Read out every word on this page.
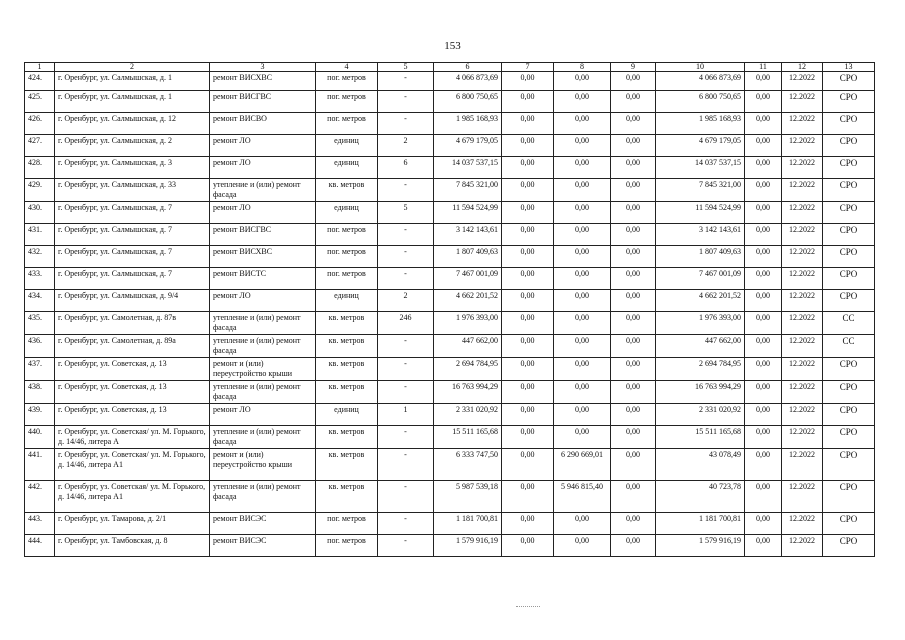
153
1	2	3	4	5	6	7	8	9	10	11	12	13
424.	г. Оренбург, ул. Салмышская, д. 1	ремонт ВИСХВС	пог. метров	-	4 066 873,69	0,00	0,00	0,00	4 066 873,69	0,00	12.2022	СРО
425.	г. Оренбург, ул. Салмышская, д. 1	ремонт ВИСГВС	пог. метров	-	6 800 750,65	0,00	0,00	0,00	6 800 750,65	0,00	12.2022	СРО
426.	г. Оренбург, ул. Салмышская, д. 12	ремонт ВИСВО	пог. метров	-	1 985 168,93	0,00	0,00	0,00	1 985 168,93	0,00	12.2022	СРО
427.	г. Оренбург, ул. Салмышская, д. 2	ремонт ЛО	единиц	2	4 679 179,05	0,00	0,00	0,00	4 679 179,05	0,00	12.2022	СРО
428.	г. Оренбург, ул. Салмышская, д. 3	ремонт ЛО	единиц	6	14 037 537,15	0,00	0,00	0,00	14 037 537,15	0,00	12.2022	СРО
429.	г. Оренбург, ул. Салмышская, д. 33	утепление и (или) ремонт фасада	кв. метров	-	7 845 321,00	0,00	0,00	0,00	7 845 321,00	0,00	12.2022	СРО
430.	г. Оренбург, ул. Салмышская, д. 7	ремонт ЛО	единиц	5	11 594 524,99	0,00	0,00	0,00	11 594 524,99	0,00	12.2022	СРО
431.	г. Оренбург, ул. Салмышская, д. 7	ремонт ВИСГВС	пог. метров	-	3 142 143,61	0,00	0,00	0,00	3 142 143,61	0,00	12.2022	СРО
432.	г. Оренбург, ул. Салмышская, д. 7	ремонт ВИСХВС	пог. метров	-	1 807 409,63	0,00	0,00	0,00	1 807 409,63	0,00	12.2022	СРО
433.	г. Оренбург, ул. Салмышская, д. 7	ремонт ВИСТС	пог. метров	-	7 467 001,09	0,00	0,00	0,00	7 467 001,09	0,00	12.2022	СРО
434.	г. Оренбург, ул. Салмышская, д. 9/4	ремонт ЛО	единиц	2	4 662 201,52	0,00	0,00	0,00	4 662 201,52	0,00	12.2022	СРО
435.	г. Оренбург, ул. Самолетная, д. 87в	утепление и (или) ремонт фасада	кв. метров	246	1 976 393,00	0,00	0,00	0,00	1 976 393,00	0,00	12.2022	СС
436.	г. Оренбург, ул. Самолетная, д. 89а	утепление и (или) ремонт фасада	кв. метров	-	447 662,00	0,00	0,00	0,00	447 662,00	0,00	12.2022	СС
437.	г. Оренбург, ул. Советская, д. 13	ремонт и (или) переустройство крыши	кв. метров	-	2 694 784,95	0,00	0,00	0,00	2 694 784,95	0,00	12.2022	СРО
438.	г. Оренбург, ул. Советская, д. 13	утепление и (или) ремонт фасада	кв. метров	-	16 763 994,29	0,00	0,00	0,00	16 763 994,29	0,00	12.2022	СРО
439.	г. Оренбург, ул. Советская, д. 13	ремонт ЛО	единиц	1	2 331 020,92	0,00	0,00	0,00	2 331 020,92	0,00	12.2022	СРО
440.	г. Оренбург, ул. Советская/ ул. М. Горького, д. 14/46, литера А	утепление и (или) ремонт фасада	кв. метров	-	15 511 165,68	0,00	0,00	0,00	15 511 165,68	0,00	12.2022	СРО
441.	г. Оренбург, ул. Советская/ ул. М. Горького, д. 14/46, литера А1	ремонт и (или) переустройство крыши	кв. метров	-	6 333 747,50	0,00	6 290 669,01	0,00	43 078,49	0,00	12.2022	СРО
442.	г. Оренбург, уз. Советская/ ул. М. Горького, д. 14/46, литера А1	утепление и (или) ремонт фасада	кв. метров	-	5 987 539,18	0,00	5 946 815,40	0,00	40 723,78	0,00	12.2022	СРО
443.	г. Оренбург, ул. Тамарова, д. 2/1	ремонт ВИСЭС	пог. метров	-	1 181 700,81	0,00	0,00	0,00	1 181 700,81	0,00	12.2022	СРО
444.	г. Оренбург, ул. Тамбовская, д. 8	ремонт ВИСЭС	пог. метров	-	1 579 916,19	0,00	0,00	0,00	1 579 916,19	0,00	12.2022	СРО
